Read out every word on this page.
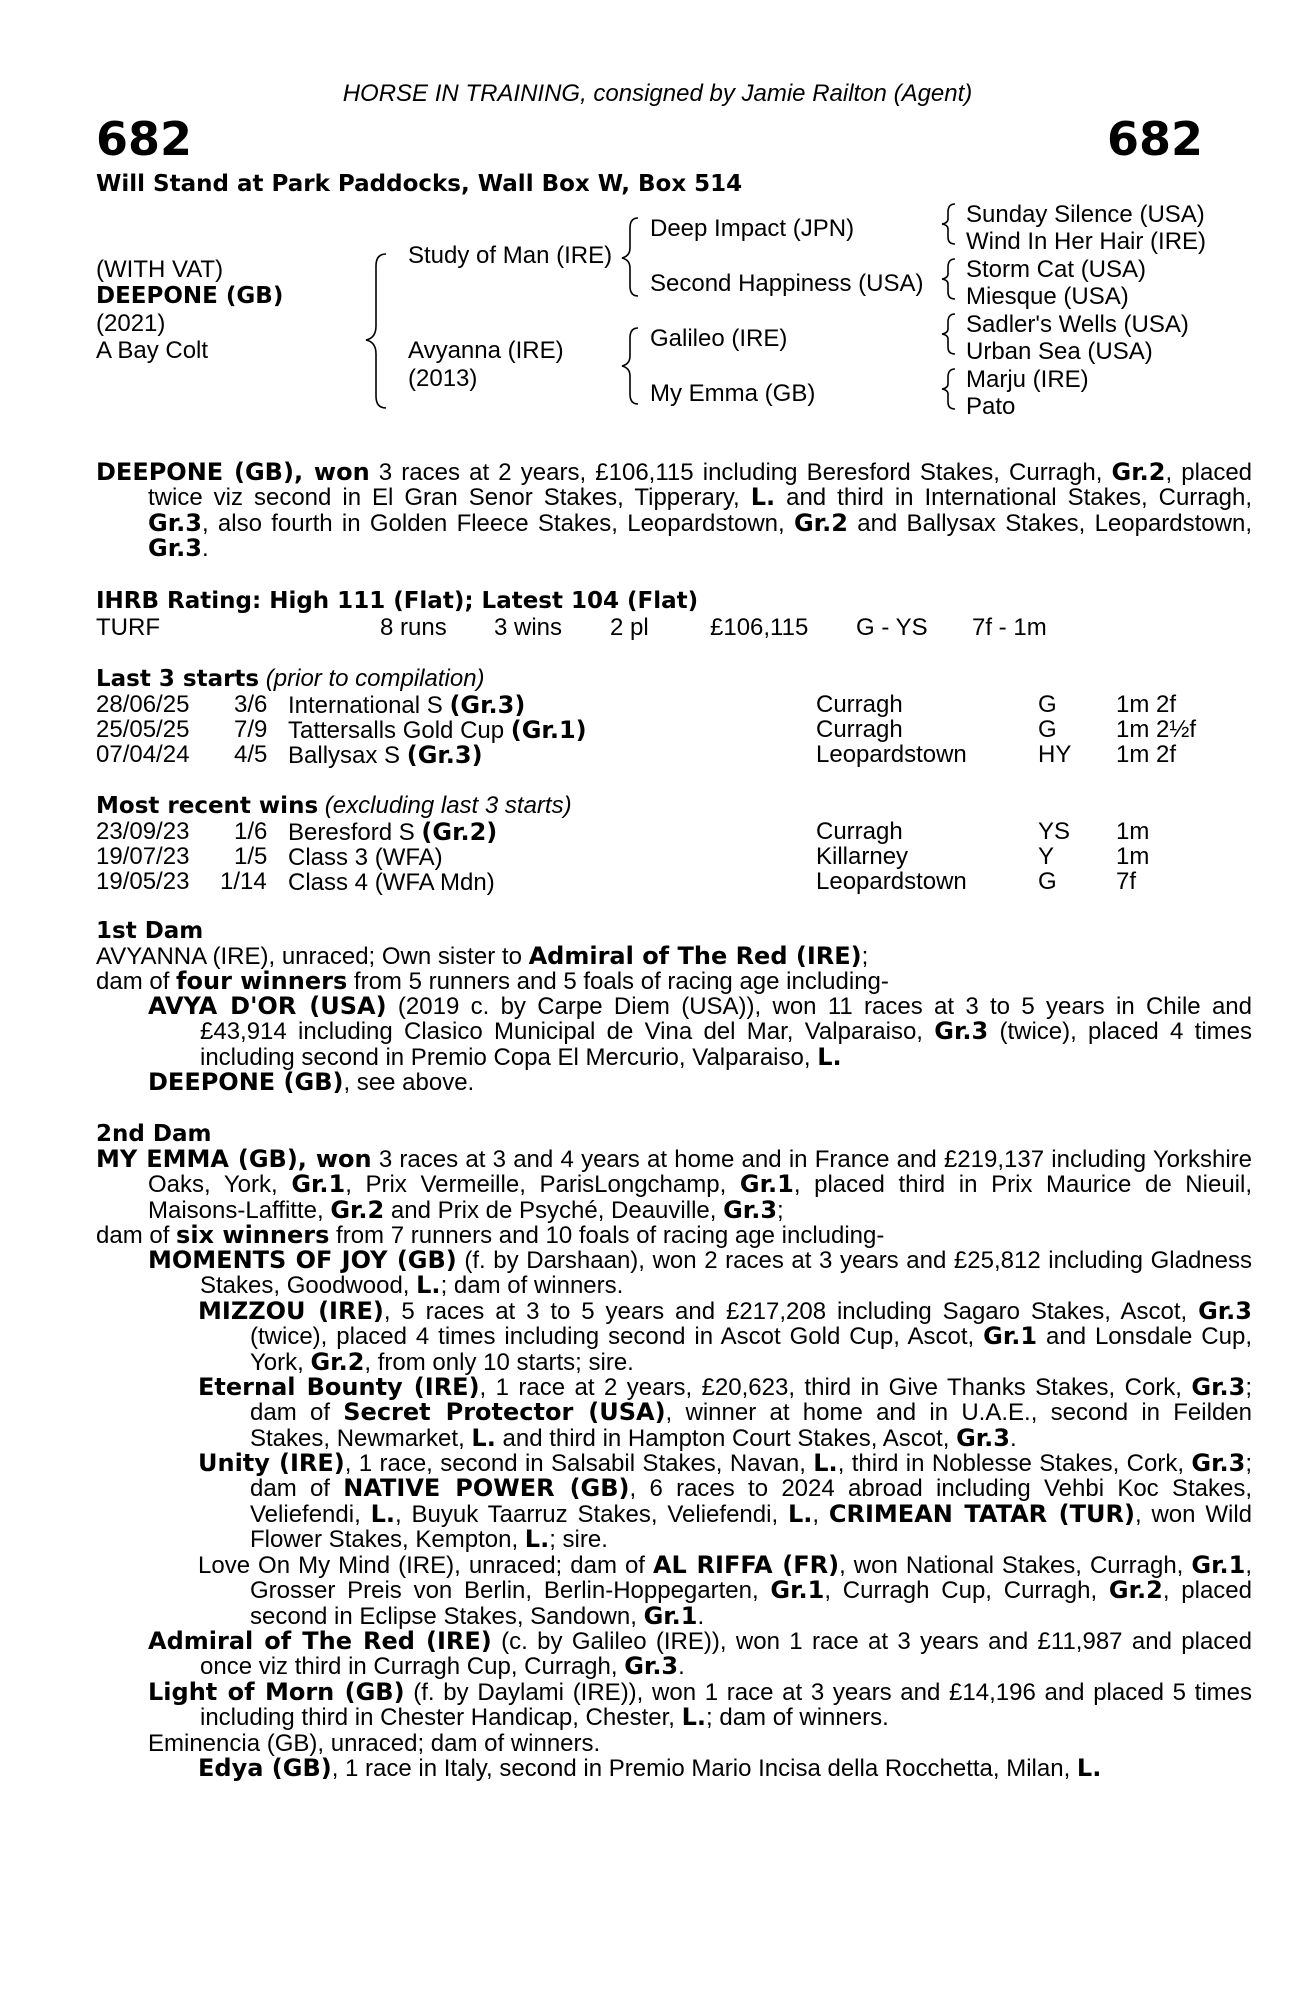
HORSE IN TRAINING, consigned by Jamie Railton (Agent)
682	682
Will Stand at Park Paddocks, Wall Box W, Box 514
(WITH VAT)
DEEPONE (GB)
(2021)
A Bay Colt
Study of Man (IRE)
Avyanna (IRE)
(2013)
Deep Impact (JPN)
Second Happiness (USA)
Galileo (IRE)
My Emma (GB)
Sunday Silence (USA)
Wind In Her Hair (IRE)
Storm Cat (USA)
Miesque (USA)
Sadler's Wells (USA)
Urban Sea (USA)
Marju (IRE)
Pato
DEEPONE (GB), won 3 races at 2 years, £106,115 including Beresford Stakes, Curragh, Gr.2, placed twice viz second in El Gran Senor Stakes, Tipperary, L. and third in International Stakes, Curragh, Gr.3, also fourth in Golden Fleece Stakes, Leopardstown, Gr.2 and Ballysax Stakes, Leopardstown, Gr.3.
IHRB Rating: High 111 (Flat); Latest 104 (Flat)
TURF	8 runs 3 wins 2 pl	£106,115 G - YS 7f - 1m
Last 3 starts (prior to compilation)
28/06/25 3/6 International S (Gr.3)	Curragh	G 1m 2f
25/05/25 7/9 Tattersalls Gold Cup (Gr.1)	Curragh	G 1m 2½f
07/04/24 4/5 Ballysax S (Gr.3)	Leopardstown	HY 1m 2f
Most recent wins (excluding last 3 starts)
23/09/23 1/6 Beresford S (Gr.2)	Curragh	YS 1m
19/07/23 1/5 Class 3 (WFA)	Killarney	Y	1m
19/05/23 1/14 Class 4 (WFA Mdn)	Leopardstown	G 7f
1st Dam
AVYANNA (IRE), unraced; Own sister to Admiral of The Red (IRE);
dam of four winners from 5 runners and 5 foals of racing age including-
AVYA D'OR (USA) (2019 c. by Carpe Diem (USA)), won 11 races at 3 to 5 years in Chile and £43,914 including Clasico Municipal de Vina del Mar, Valparaiso, Gr.3 (twice), placed 4 times including second in Premio Copa El Mercurio, Valparaiso, L.
DEEPONE (GB), see above.
2nd Dam
MY EMMA (GB), won 3 races at 3 and 4 years at home and in France and £219,137 including Yorkshire Oaks, York, Gr.1, Prix Vermeille, ParisLongchamp, Gr.1, placed third in Prix Maurice de Nieuil, Maisons-Laffitte, Gr.2 and Prix de Psyché, Deauville, Gr.3;
dam of six winners from 7 runners and 10 foals of racing age including-
MOMENTS OF JOY (GB) (f. by Darshaan), won 2 races at 3 years and £25,812 including Gladness Stakes, Goodwood, L.; dam of winners.
MIZZOU (IRE), 5 races at 3 to 5 years and £217,208 including Sagaro Stakes, Ascot, Gr.3 (twice), placed 4 times including second in Ascot Gold Cup, Ascot, Gr.1 and Lonsdale Cup, York, Gr.2, from only 10 starts; sire.
Eternal Bounty (IRE), 1 race at 2 years, £20,623, third in Give Thanks Stakes, Cork, Gr.3; dam of Secret Protector (USA), winner at home and in U.A.E., second in Feilden Stakes, Newmarket, L. and third in Hampton Court Stakes, Ascot, Gr.3.
Unity (IRE), 1 race, second in Salsabil Stakes, Navan, L., third in Noblesse Stakes, Cork, Gr.3; dam of NATIVE POWER (GB), 6 races to 2024 abroad including Vehbi Koc Stakes, Veliefendi, L., Buyuk Taarruz Stakes, Veliefendi, L., CRIMEAN TATAR (TUR), won Wild Flower Stakes, Kempton, L.; sire.
Love On My Mind (IRE), unraced; dam of AL RIFFA (FR), won National Stakes, Curragh, Gr.1, Grosser Preis von Berlin, Berlin-Hoppegarten, Gr.1, Curragh Cup, Curragh, Gr.2, placed second in Eclipse Stakes, Sandown, Gr.1.
Admiral of The Red (IRE) (c. by Galileo (IRE)), won 1 race at 3 years and £11,987 and placed once viz third in Curragh Cup, Curragh, Gr.3.
Light of Morn (GB) (f. by Daylami (IRE)), won 1 race at 3 years and £14,196 and placed 5 times including third in Chester Handicap, Chester, L.; dam of winners.
Eminencia (GB), unraced; dam of winners.
Edya (GB), 1 race in Italy, second in Premio Mario Incisa della Rocchetta, Milan, L.
